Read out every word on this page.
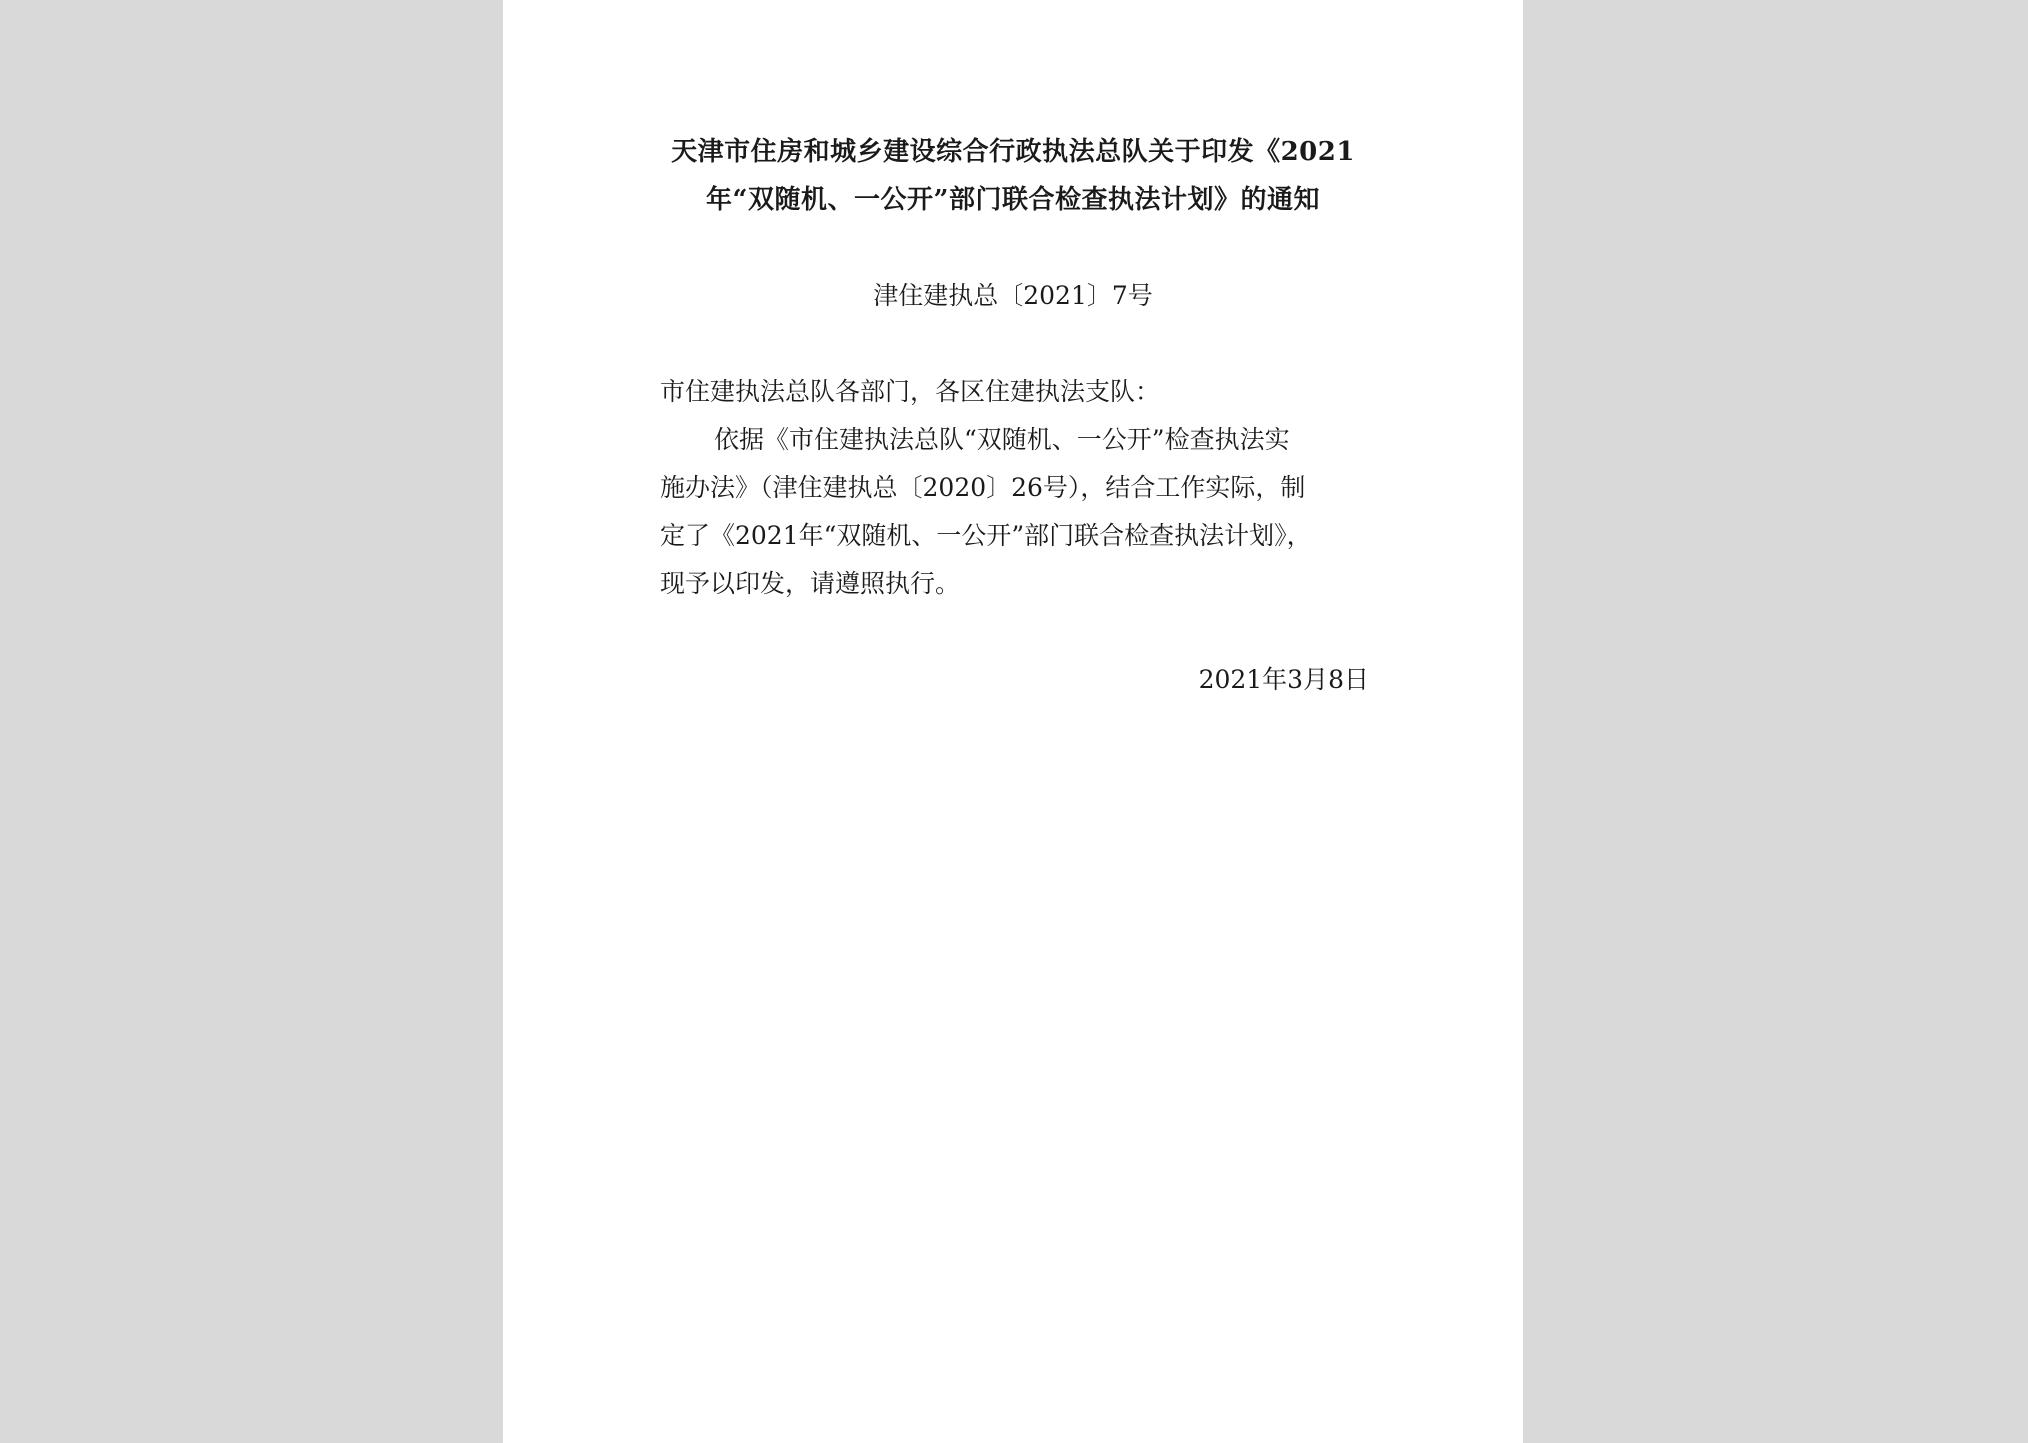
天津市住房和城乡建设综合行政执法总队关于印发《2021
年“双随机、一公开”部门联合检查执法计划》的通知
津住建执总〔2021〕7号
市住建执法总队各部门，各区住建执法支队：
依据《市住建执法总队“双随机、一公开”检查执法实
施办法》（津住建执总〔2020〕26号），结合工作实际，制
定了《2021年“双随机、一公开”部门联合检查执法计划》，
现予以印发，请遵照执行。
2021年3月8日
